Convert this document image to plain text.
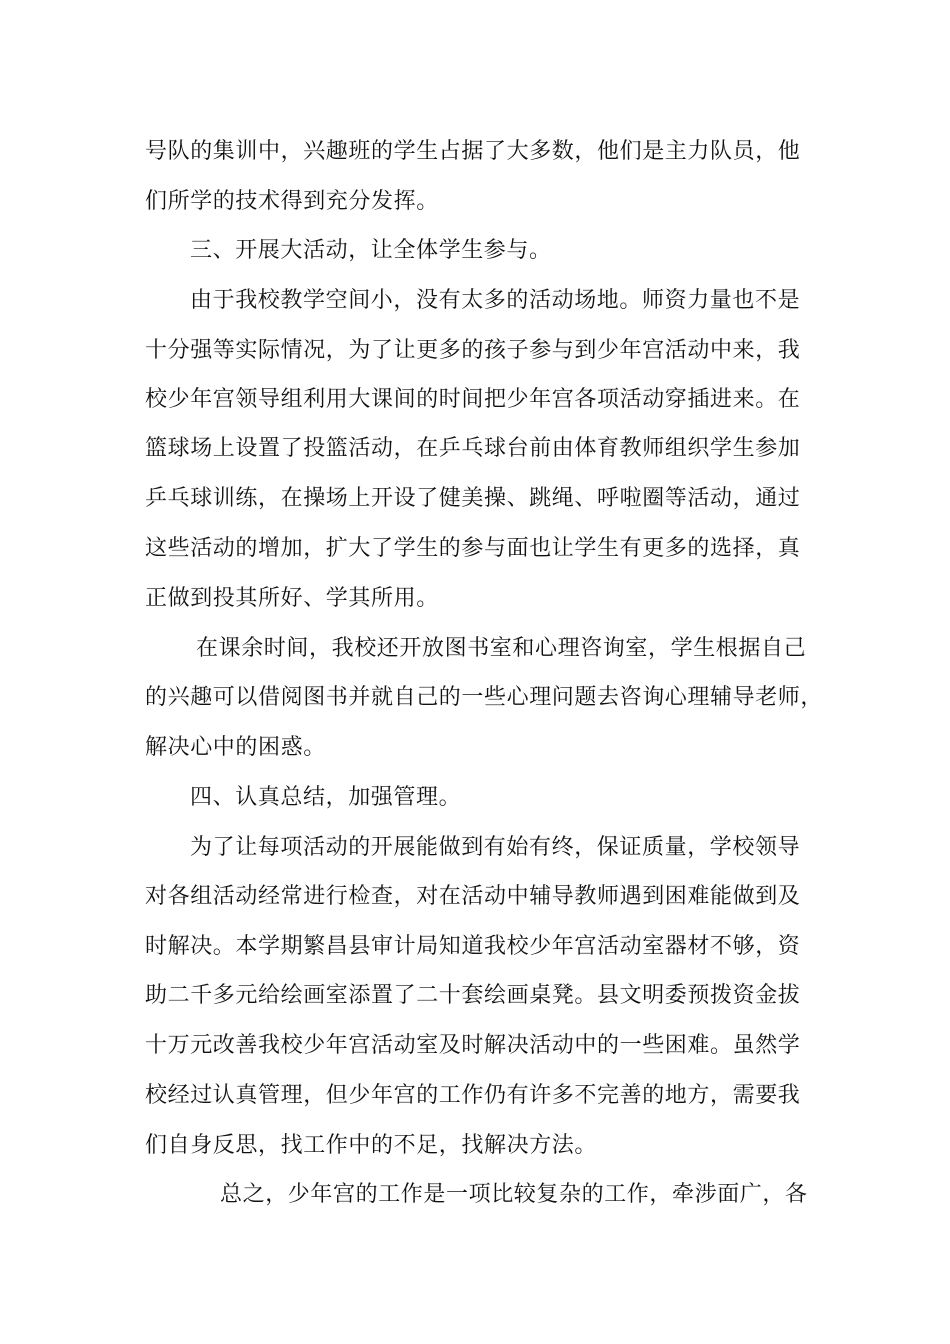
号队的集训中，兴趣班的学生占据了大多数，他们是主力队员，他

们所学的技术得到充分发挥。

三、开展大活动，让全体学生参与。

由于我校教学空间小，没有太多的活动场地。师资力量也不是

十分强等实际情况，为了让更多的孩子参与到少年宫活动中来，我

校少年宫领导组利用大课间的时间把少年宫各项活动穿插进来。在

篮球场上设置了投篮活动，在乒乓球台前由体育教师组织学生参加

乒乓球训练，在操场上开设了健美操、跳绳、呼啦圈等活动，通过

这些活动的增加，扩大了学生的参与面也让学生有更多的选择，真

正做到投其所好、学其所用。

在课余时间，我校还开放图书室和心理咨询室，学生根据自己

的兴趣可以借阅图书并就自己的一些心理问题去咨询心理辅导老师，

解决心中的困惑。

四、认真总结，加强管理。

为了让每项活动的开展能做到有始有终，保证质量，学校领导

对各组活动经常进行检查，对在活动中辅导教师遇到困难能做到及

时解决。本学期繁昌县审计局知道我校少年宫活动室器材不够，资

助二千多元给绘画室添置了二十套绘画桌凳。县文明委预拨资金拔

十万元改善我校少年宫活动室及时解决活动中的一些困难。虽然学

校经过认真管理，但少年宫的工作仍有许多不完善的地方，需要我

们自身反思，找工作中的不足，找解决方法。

总之，少年宫的工作是一项比较复杂的工作，牵涉面广，各
